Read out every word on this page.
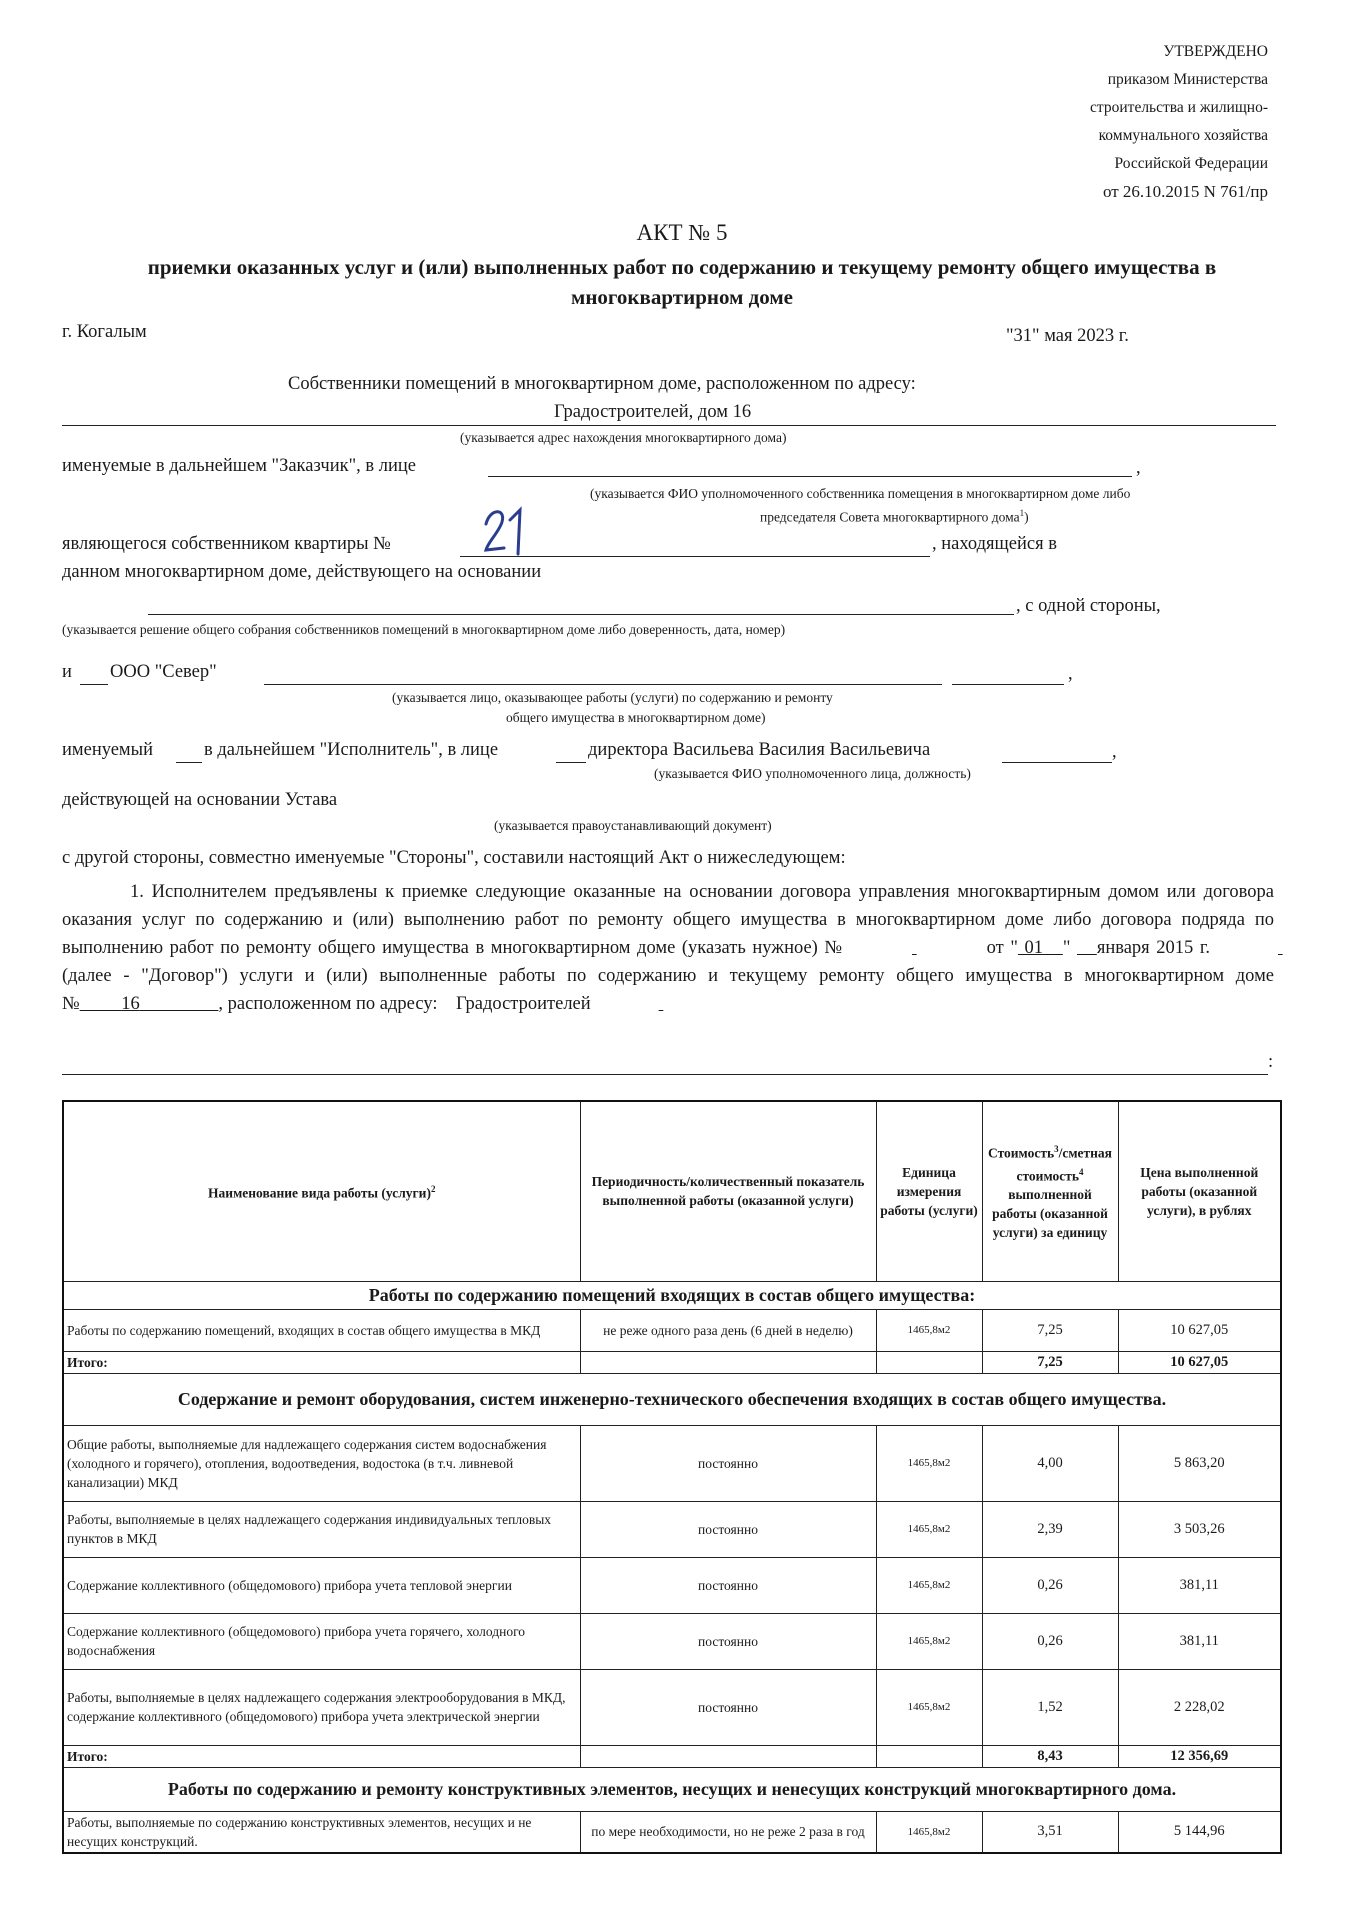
УТВЕРЖДЕНО
приказом Министерства
строительства и жилищно-
коммунального хозяйства
Российской Федерации
от 26.10.2015 N 761/пр
АКТ № 5
приемки оказанных услуг и (или) выполненных работ по содержанию и текущему ремонту общего имущества в многоквартирном доме
г. Когалым	"31" мая 2023 г.
Собственники помещений в многоквартирном доме, расположенном по адресу:
Градостроителей, дом 16
(указывается адрес нахождения многоквартирного дома)
именуемые в дальнейшем "Заказчик", в лице	,
(указывается ФИО уполномоченного собственника помещения в многоквартирном доме либо
председателя Совета многоквартирного дома$^1$)
являющегося собственником квартиры №	, находящейся в
данном многоквартирном доме, действующего на основании
, с одной стороны,
(указывается решение общего собрания собственников помещений в многоквартирном доме либо доверенность, дата, номер)
и ООО "Север"	,
(указывается лицо, оказывающее работы (услуги) по содержанию и ремонту
общего имущества в многоквартирном доме)
именуемый	в дальнейшем "Исполнитель", в лице	директора Васильева Василия Васильевича	,
(указывается ФИО уполномоченного лица, должность)
действующей на основании Устава
(указывается правоустанавливающий документ)
с другой стороны, совместно именуемые "Стороны", составили настоящий Акт о нижеследующем:
1. Исполнителем предъявлены к приемке следующие оказанные на основании договора управления многоквартирным домом или договора оказания услуг по содержанию и (или) выполнению работ по ремонту общего имущества в многоквартирном доме либо договора подряда по выполнению работ по ремонту общего имущества в многоквартирном доме (указать нужное) №	от " 01 " января 2015 г.  (далее - "Договор") услуги и (или) выполненные работы по содержанию и текущему ремонту общего имущества в многоквартирном доме № 16	, расположенном по адресу: Градостроителей
:
Наименование вида работы (услуги)$^2$	Периодичность/количественный показатель выполненной работы (оказанной услуги)	Единица измерения работы (услуги)	Стоимость$^3$/сметная стоимость$^4$ выполненной работы (оказанной услуги) за единицу	Цена выполненной работы (оказанной услуги), в рублях
Работы по содержанию помещений входящих в состав общего имущества:				
Работы по содержанию помещений, входящих в состав общего имущества в МКД	не реже одного раза день (6 дней в неделю)	1465,8м2	7,25	10 627,05
Итого:			7,25	10 627,05
Содержание и ремонт оборудования, систем инженерно-технического обеспечения входящих в состав общего имущества.				
Общие работы, выполняемые для надлежащего содержания систем водоснабжения (холодного и горячего), отопления, водоотведения, водостока (в т.ч. ливневой канализации) МКД	постоянно	1465,8м2	4,00	5 863,20
Работы, выполняемые в целях надлежащего содержания индивидуальных тепловых пунктов в МКД	постоянно	1465,8м2	2,39	3 503,26
Содержание коллективного (общедомового) прибора учета тепловой энергии	постоянно	1465,8м2	0,26	381,11
Содержание коллективного (общедомового) прибора учета горячего, холодного водоснабжения	постоянно	1465,8м2	0,26	381,11
Работы, выполняемые в целях надлежащего содержания электрооборудования в МКД, содержание коллективного (общедомового) прибора учета электрической энергии	постоянно	1465,8м2	1,52	2 228,02
Итого:			8,43	12 356,69
Работы по содержанию и ремонту конструктивных элементов, несущих и ненесущих конструкций многоквартирного дома.				
Работы, выполняемые по содержанию конструктивных элементов, несущих и не несущих конструкций.	по мере необходимости, но не реже 2 раза в год	1465,8м2	3,51	5 144,96
